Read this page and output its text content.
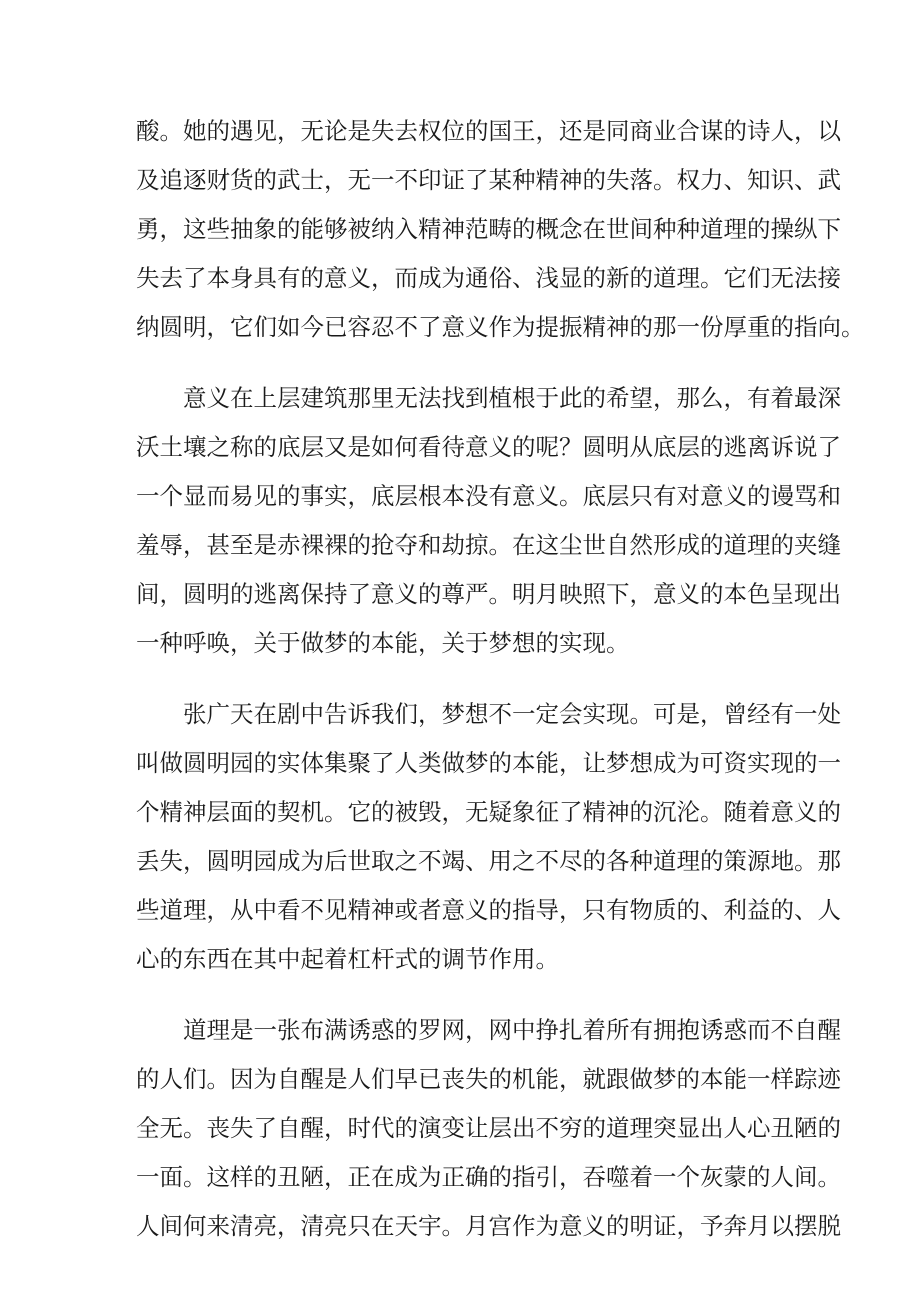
酸。她的遇见，无论是失去权位的国王，还是同商业合谋的诗人，以
及追逐财货的武士，无一不印证了某种精神的失落。权力、知识、武
勇，这些抽象的能够被纳入精神范畴的概念在世间种种道理的操纵下
失去了本身具有的意义，而成为通俗、浅显的新的道理。它们无法接
纳圆明，它们如今已容忍不了意义作为提振精神的那一份厚重的指向。
意义在上层建筑那里无法找到植根于此的希望，那么，有着最深
沃土壤之称的底层又是如何看待意义的呢？圆明从底层的逃离诉说了
一个显而易见的事实，底层根本没有意义。底层只有对意义的谩骂和
羞辱，甚至是赤裸裸的抢夺和劫掠。在这尘世自然形成的道理的夹缝
间，圆明的逃离保持了意义的尊严。明月映照下，意义的本色呈现出
一种呼唤，关于做梦的本能，关于梦想的实现。
张广天在剧中告诉我们，梦想不一定会实现。可是，曾经有一处
叫做圆明园的实体集聚了人类做梦的本能，让梦想成为可资实现的一
个精神层面的契机。它的被毁，无疑象征了精神的沉沦。随着意义的
丢失，圆明园成为后世取之不竭、用之不尽的各种道理的策源地。那
些道理，从中看不见精神或者意义的指导，只有物质的、利益的、人
心的东西在其中起着杠杆式的调节作用。
道理是一张布满诱惑的罗网，网中挣扎着所有拥抱诱惑而不自醒
的人们。因为自醒是人们早已丧失的机能，就跟做梦的本能一样踪迹
全无。丧失了自醒，时代的演变让层出不穷的道理突显出人心丑陋的
一面。这样的丑陋，正在成为正确的指引，吞噬着一个灰蒙的人间。
人间何来清亮，清亮只在天宇。月宫作为意义的明证，予奔月以摆脱
